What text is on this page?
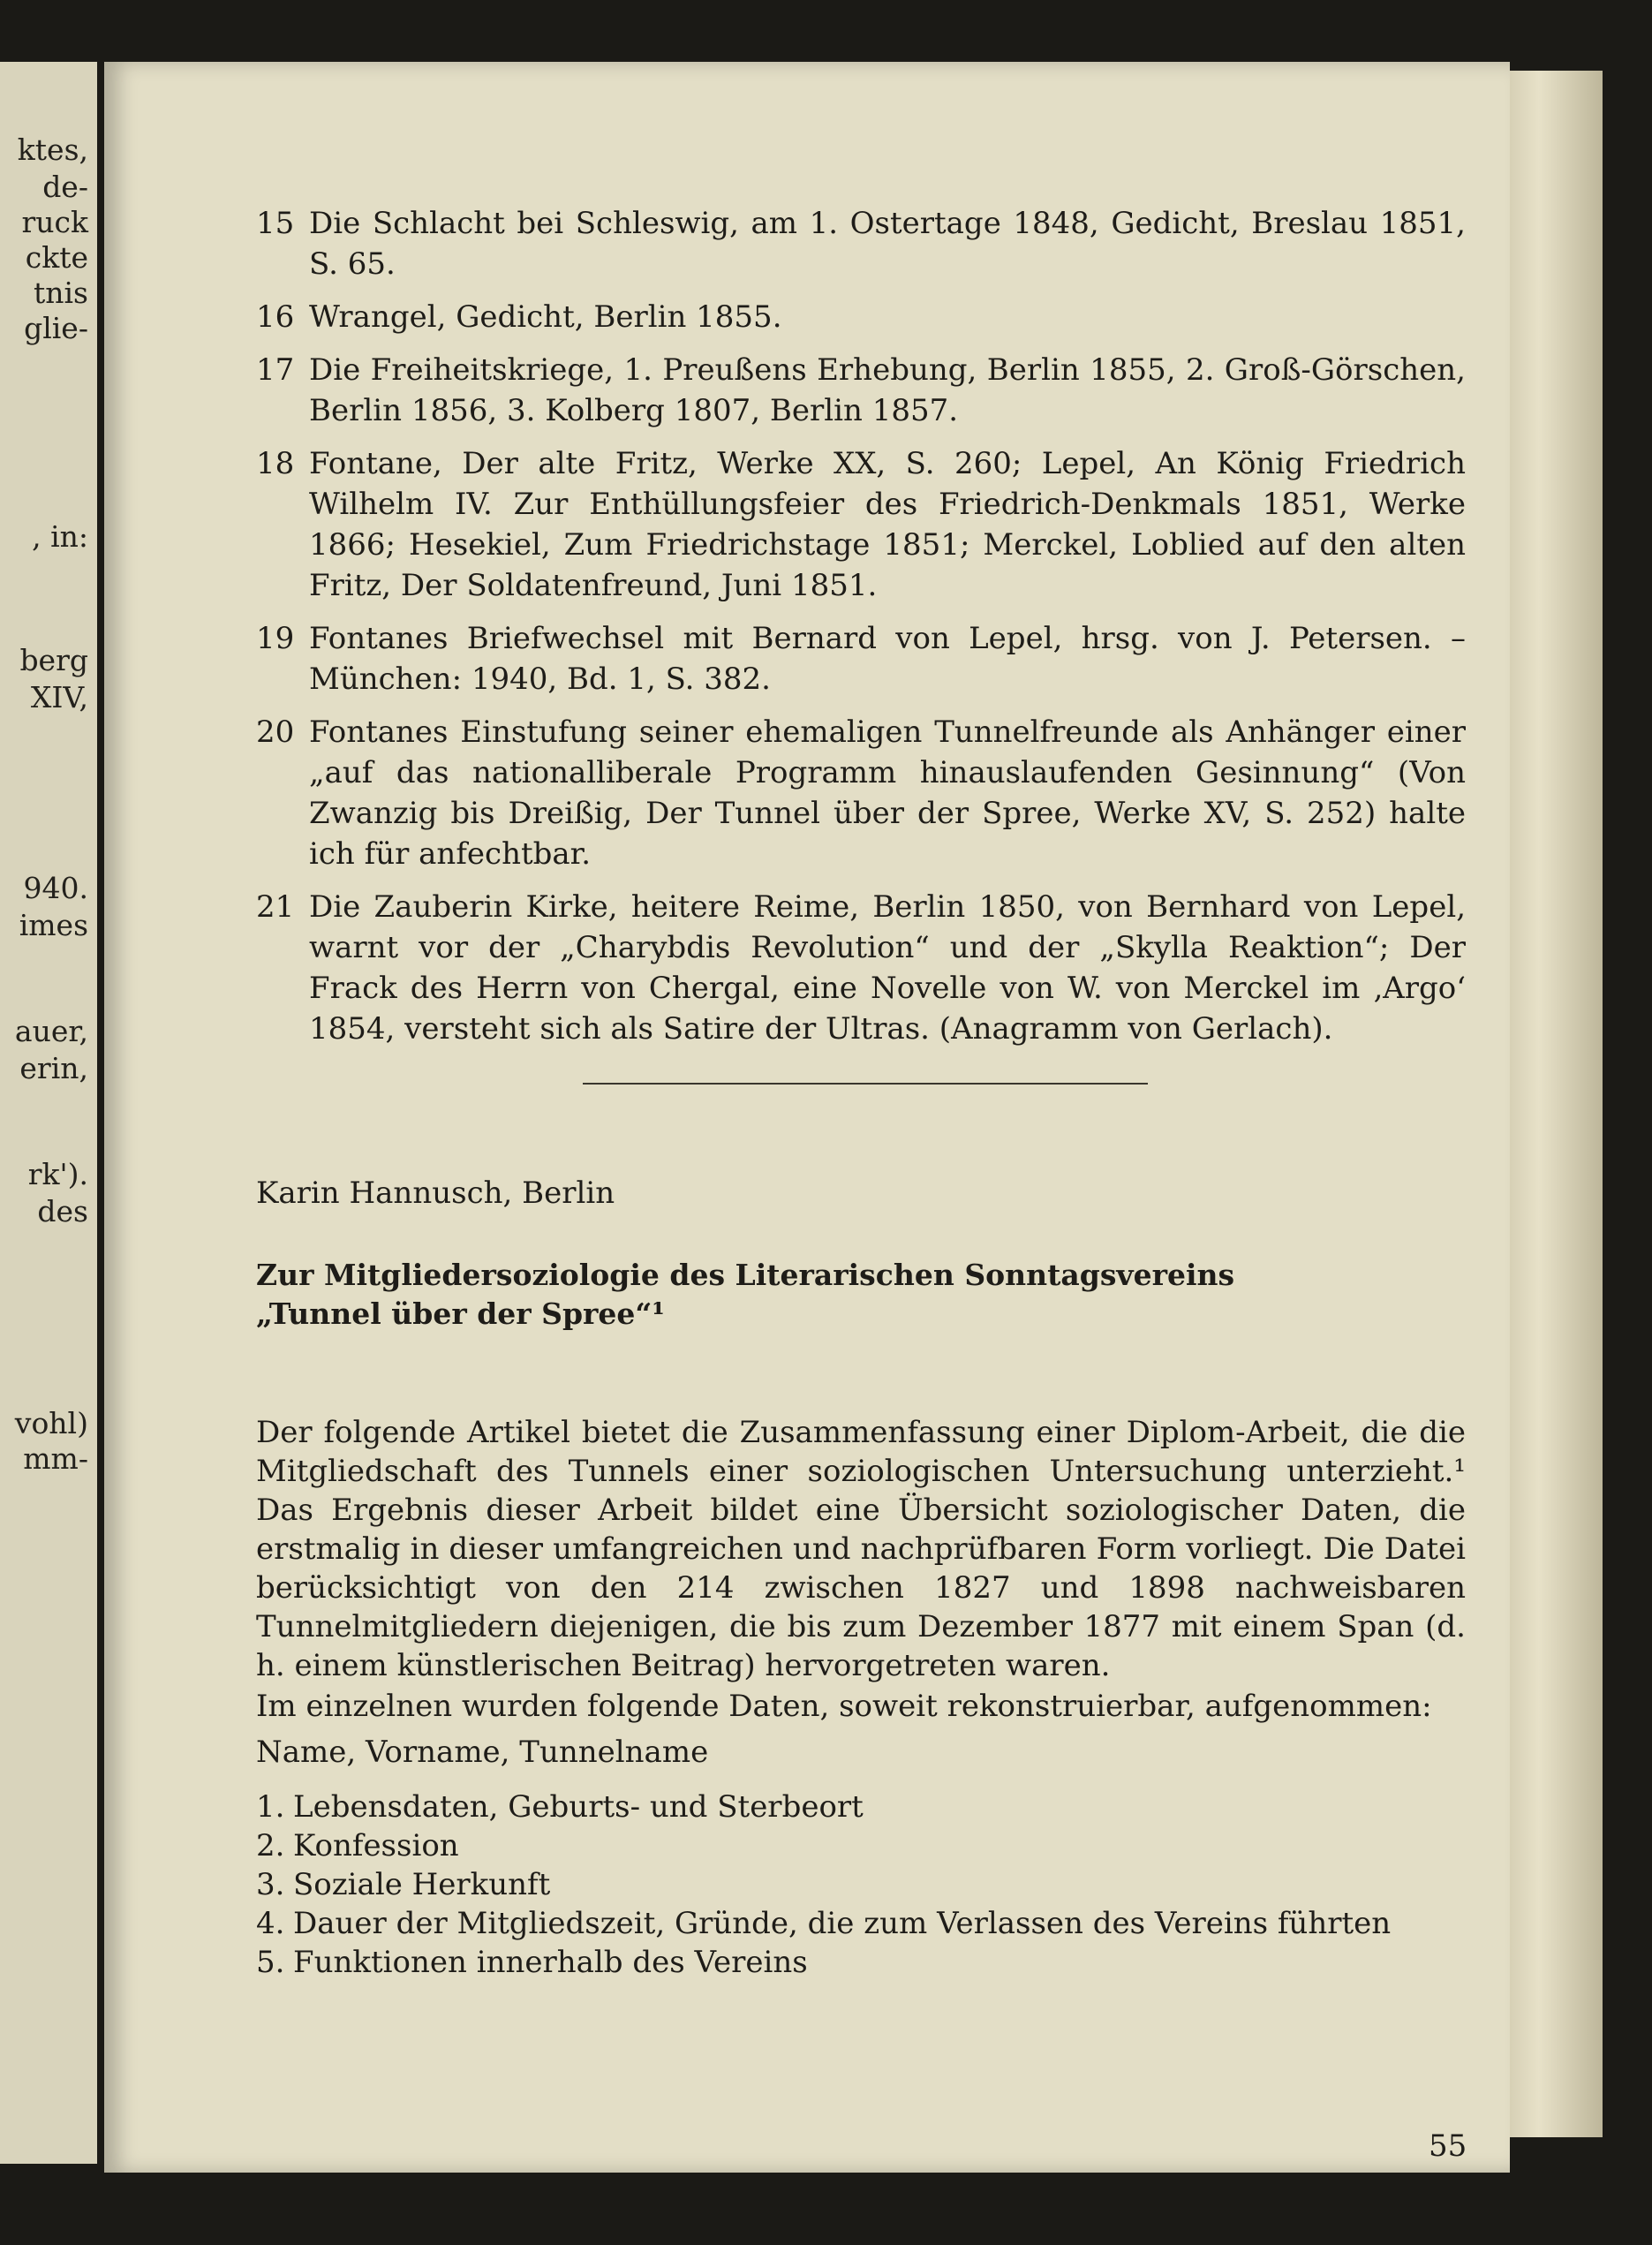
ktes,
de-
ruck
ckte
tnis
glie-
, in:
berg
XIV,
940.
imes
auer,
erin,
rk').
des
vohl)
mm-
15 Die Schlacht bei Schleswig, am 1. Ostertage 1848, Gedicht, Breslau 1851, S. 65.
16 Wrangel, Gedicht, Berlin 1855.
17 Die Freiheitskriege, 1. Preußens Erhebung, Berlin 1855, 2. Groß-Görschen, Berlin 1856, 3. Kolberg 1807, Berlin 1857.
18 Fontane, Der alte Fritz, Werke XX, S. 260; Lepel, An König Friedrich Wilhelm IV. Zur Enthüllungsfeier des Friedrich-Denkmals 1851, Werke 1866; Hesekiel, Zum Friedrichstage 1851; Merckel, Loblied auf den alten Fritz, Der Soldatenfreund, Juni 1851.
19 Fontanes Briefwechsel mit Bernard von Lepel, hrsg. von J. Petersen. – München: 1940, Bd. 1, S. 382.
20 Fontanes Einstufung seiner ehemaligen Tunnelfreunde als Anhänger einer „auf das nationalliberale Programm hinauslaufenden Gesinnung“ (Von Zwanzig bis Dreißig, Der Tunnel über der Spree, Werke XV, S. 252) halte ich für anfechtbar.
21 Die Zauberin Kirke, heitere Reime, Berlin 1850, von Bernhard von Lepel, warnt vor der „Charybdis Revolution“ und der „Skylla Reaktion“; Der Frack des Herrn von Chergal, eine Novelle von W. von Merckel im ‚Argo‘ 1854, versteht sich als Satire der Ultras. (Anagramm von Gerlach).
Karin Hannusch, Berlin
Zur Mitgliedersoziologie des Literarischen Sonntagsvereins
„Tunnel über der Spree“¹
Der folgende Artikel bietet die Zusammenfassung einer Diplom-Arbeit, die die Mitgliedschaft des Tunnels einer soziologischen Untersuchung unterzieht.¹ Das Ergebnis dieser Arbeit bildet eine Übersicht soziologischer Daten, die erstmalig in dieser umfangreichen und nachprüfbaren Form vorliegt. Die Datei berücksichtigt von den 214 zwischen 1827 und 1898 nachweisbaren Tunnelmitgliedern diejenigen, die bis zum Dezember 1877 mit einem Span (d. h. einem künstlerischen Beitrag) hervorgetreten waren.
Im einzelnen wurden folgende Daten, soweit rekonstruierbar, aufgenommen:
Name, Vorname, Tunnelname
1. Lebensdaten, Geburts- und Sterbeort
2. Konfession
3. Soziale Herkunft
4. Dauer der Mitgliedszeit, Gründe, die zum Verlassen des Vereins führten
5. Funktionen innerhalb des Vereins
55
